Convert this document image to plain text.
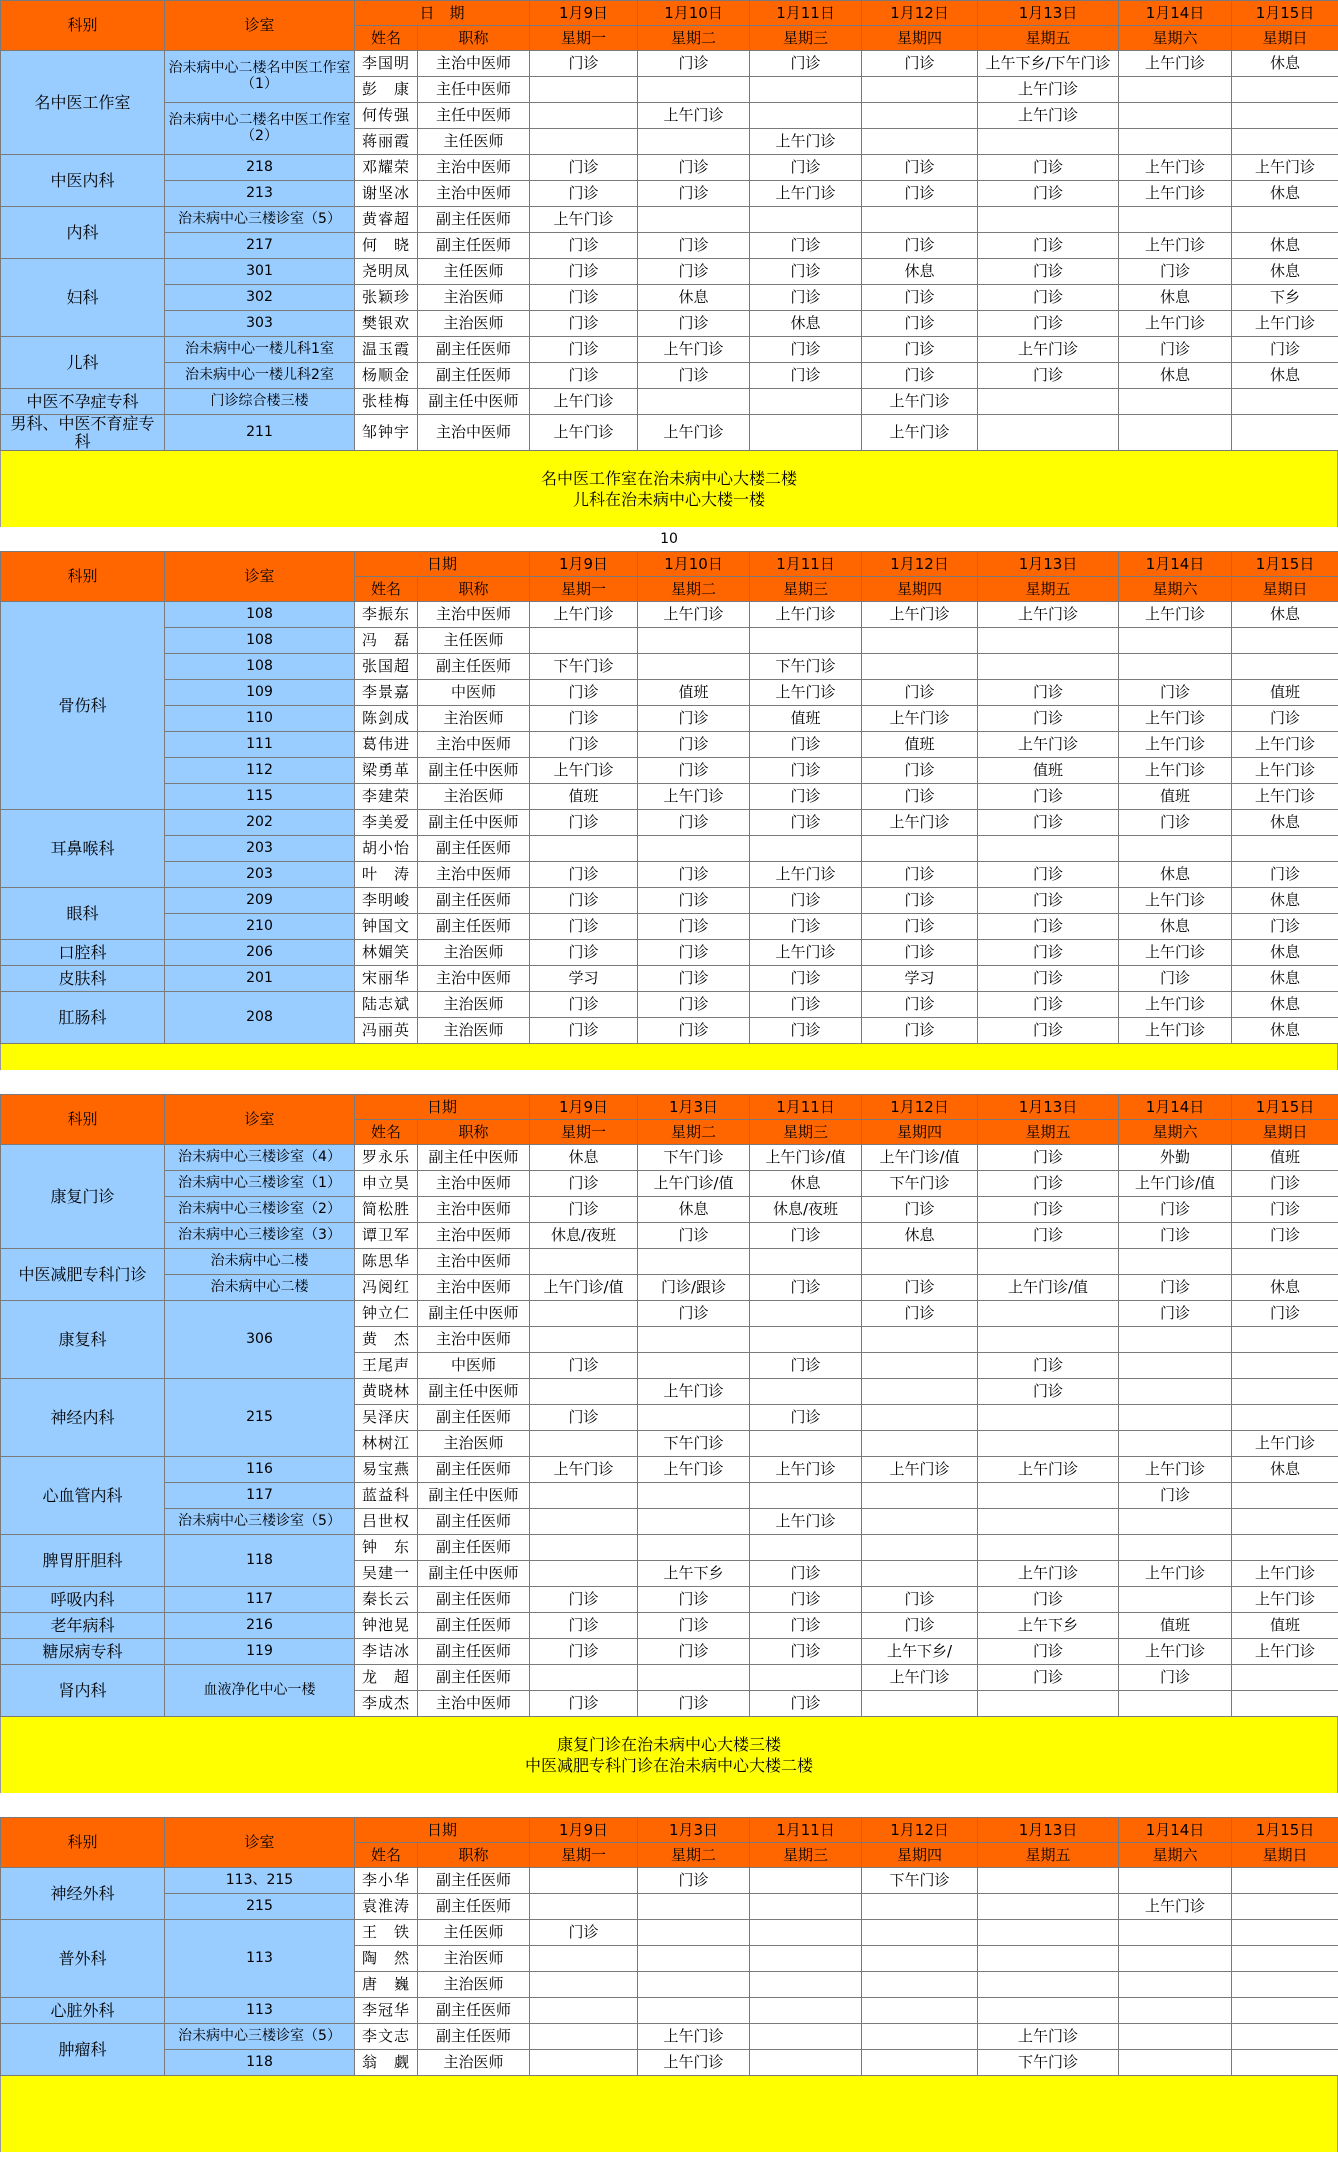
科别	诊室	日　期		1月9日	1月10日	1月11日	1月12日	1月13日	1月14日	1月15日
		姓名	职称	星期一	星期二	星期三	星期四	星期五	星期六	星期日
名中医工作室	治未病中心二楼名中医工作室（1）	李国明	主治中医师	门诊	门诊	门诊	门诊	上午下乡/下午门诊	上午门诊	休息
		彭　康	主任中医师					上午门诊		
	治未病中心二楼名中医工作室（2）	何传强	主任中医师		上午门诊			上午门诊		
		蒋丽霞	主任医师			上午门诊				
中医内科	218	邓耀荣	主治中医师	门诊	门诊	门诊	门诊	门诊	上午门诊	上午门诊
	213	谢坚冰	主治中医师	门诊	门诊	上午门诊	门诊	门诊	上午门诊	休息
内科	治未病中心三楼诊室（5）	黄睿超	副主任医师	上午门诊						
	217	何　晓	副主任医师	门诊	门诊	门诊	门诊	门诊	上午门诊	休息
妇科	301	尧明凤	主任医师	门诊	门诊	门诊	休息	门诊	门诊	休息
	302	张颖珍	主治医师	门诊	休息	门诊	门诊	门诊	休息	下乡
	303	樊银欢	主治医师	门诊	门诊	休息	门诊	门诊	上午门诊	上午门诊
儿科	治未病中心一楼儿科1室	温玉霞	副主任医师	门诊	上午门诊	门诊	门诊	上午门诊	门诊	门诊
	治未病中心一楼儿科2室	杨顺金	副主任医师	门诊	门诊	门诊	门诊	门诊	休息	休息
中医不孕症专科	门诊综合楼三楼	张桂梅	副主任中医师	上午门诊			上午门诊			
男科、中医不育症专科	211	邹钟宇	主治中医师	上午门诊	上午门诊		上午门诊			
名中医工作室在治未病中心大楼二楼
儿科在治未病中心大楼一楼
10
科别	诊室	日期		1月9日	1月10日	1月11日	1月12日	1月13日	1月14日	1月15日
		姓名	职称	星期一	星期二	星期三	星期四	星期五	星期六	星期日
骨伤科	108	李振东	主治中医师	上午门诊	上午门诊	上午门诊	上午门诊	上午门诊	上午门诊	休息
	108	冯　磊	主任医师							
	108	张国超	副主任医师	下午门诊		下午门诊				
	109	李景嘉	中医师	门诊	值班	上午门诊	门诊	门诊	门诊	值班
	110	陈剑成	主治医师	门诊	门诊	值班	上午门诊	门诊	上午门诊	门诊
	111	葛伟进	主治中医师	门诊	门诊	门诊	值班	上午门诊	上午门诊	上午门诊
	112	梁勇革	副主任中医师	上午门诊	门诊	门诊	门诊	值班	上午门诊	上午门诊
	115	李建荣	主治医师	值班	上午门诊	门诊	门诊	门诊	值班	上午门诊
耳鼻喉科	202	李美爱	副主任中医师	门诊	门诊	门诊	上午门诊	门诊	门诊	休息
	203	胡小怡	副主任医师							
	203	叶　涛	主治中医师	门诊	门诊	上午门诊	门诊	门诊	休息	门诊
眼科	209	李明峻	副主任医师	门诊	门诊	门诊	门诊	门诊	上午门诊	休息
	210	钟国文	副主任医师	门诊	门诊	门诊	门诊	门诊	休息	门诊
口腔科	206	林媚笑	主治医师	门诊	门诊	上午门诊	门诊	门诊	上午门诊	休息
皮肤科	201	宋丽华	主治中医师	学习	门诊	门诊	学习	门诊	门诊	休息
肛肠科	208	陆志斌	主治医师	门诊	门诊	门诊	门诊	门诊	上午门诊	休息
		冯丽英	主治医师	门诊	门诊	门诊	门诊	门诊	上午门诊	休息
科别	诊室	日期		1月9日	1月3日	1月11日	1月12日	1月13日	1月14日	1月15日
		姓名	职称	星期一	星期二	星期三	星期四	星期五	星期六	星期日
康复门诊	治未病中心三楼诊室（4）	罗永乐	副主任中医师	休息	下午门诊	上午门诊/值	上午门诊/值	门诊	外勤	值班
	治未病中心三楼诊室（1）	申立昊	主治中医师	门诊	上午门诊/值	休息	下午门诊	门诊	上午门诊/值	门诊
	治未病中心三楼诊室（2）	简松胜	主治中医师	门诊	休息	休息/夜班	门诊	门诊	门诊	门诊
	治未病中心三楼诊室（3）	谭卫军	主治中医师	休息/夜班	门诊	门诊	休息	门诊	门诊	门诊
中医减肥专科门诊	治未病中心二楼	陈思华	主治中医师							
	治未病中心二楼	冯阅红	主治中医师	上午门诊/值	门诊/跟诊	门诊	门诊	上午门诊/值	门诊	休息
康复科	306	钟立仁	副主任中医师		门诊		门诊		门诊	门诊
		黄　杰	主治中医师							
		王尾声	中医师	门诊		门诊		门诊		
神经内科	215	黄晓林	副主任中医师		上午门诊			门诊		
		吴泽庆	副主任医师	门诊		门诊				
		林树江	主治医师		下午门诊					上午门诊
心血管内科	116	易宝燕	副主任医师	上午门诊	上午门诊	上午门诊	上午门诊	上午门诊	上午门诊	休息
	117	蓝益科	副主任中医师						门诊	
	治未病中心三楼诊室（5）	吕世权	副主任医师			上午门诊				
脾胃肝胆科	118	钟　东	副主任医师							
		吴建一	副主任中医师		上午下乡	门诊		上午门诊	上午门诊	上午门诊
呼吸内科	117	秦长云	副主任医师	门诊	门诊	门诊	门诊	门诊		上午门诊
老年病科	216	钟池晃	副主任医师	门诊	门诊	门诊	门诊	上午下乡	值班	值班
糖尿病专科	119	李诘冰	副主任医师	门诊	门诊	门诊	上午下乡/	门诊	上午门诊	上午门诊
肾内科	血液净化中心一楼	龙　超	副主任医师				上午门诊	门诊	门诊	
		李成杰	主治中医师	门诊	门诊	门诊				
康复门诊在治未病中心大楼三楼
中医减肥专科门诊在治未病中心大楼二楼
科别	诊室	日期		1月9日	1月3日	1月11日	1月12日	1月13日	1月14日	1月15日
		姓名	职称	星期一	星期二	星期三	星期四	星期五	星期六	星期日
神经外科	113、215	李小华	副主任医师		门诊		下午门诊			
	215	袁淮涛	副主任医师						上午门诊	
普外科	113	王　铁	主任医师	门诊						
		陶　然	主治医师							
		唐　巍	主治医师							
心脏外科	113	李冠华	副主任医师							
肿瘤科	治未病中心三楼诊室（5）	李文志	副主任医师		上午门诊			上午门诊		
	118	翁　觑	主治医师		上午门诊			下午门诊		
